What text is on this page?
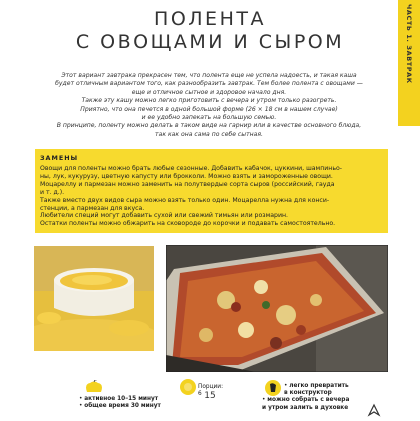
ЧАСТЬ 1. ЗАВТРАК
ПОЛЕНТА
С ОВОЩАМИ И СЫРОМ

Этот вариант завтрака прекрасен тем, что полента еще не успела надоесть, и такая каша

будет отличным вариантом того, как разнообразить завтрак. Тем более полента с овощами —

еще и отличное сытное и здоровое начало дня.

Также эту кашу можно легко приготовить с вечера и утром только разогреть.

Приятно, что она печется в одной большой форме (26 × 18 см в нашем случае)

и ее удобно запекать на большую семью.

В принципе, поленту можно делать в таком виде на гарнир или в качестве основного блюда,

так как она сама по себе сытная.

ЗАМЕНЫ

Овощи для поленты можно брать любые сезонные. Добавить кабачок, цуккини, шампиньо-

ны, лук, кукурузу, цветную капусту или брокколи. Можно взять и замороженные овощи.

Моцареллу и пармезан можно заменить на полутвердые сорта сыров (российский, гауда

и т. д.).

Также вместо двух видов сыра можно взять только один. Моцарелла нужна для конси-

стенции, а пармезан для вкуса.

Любители специй могут добавить сухой или свежий тимьян или розмарин.

Остатки поленты можно обжарить на сковороде до корочки и подавать самостоятельно.

• активное 10–15 минут
• общее время 30 минут
Порции:
6
• легко превратить
в конструктор
• можно собрать с вечера
и утром залить в духовке
15
